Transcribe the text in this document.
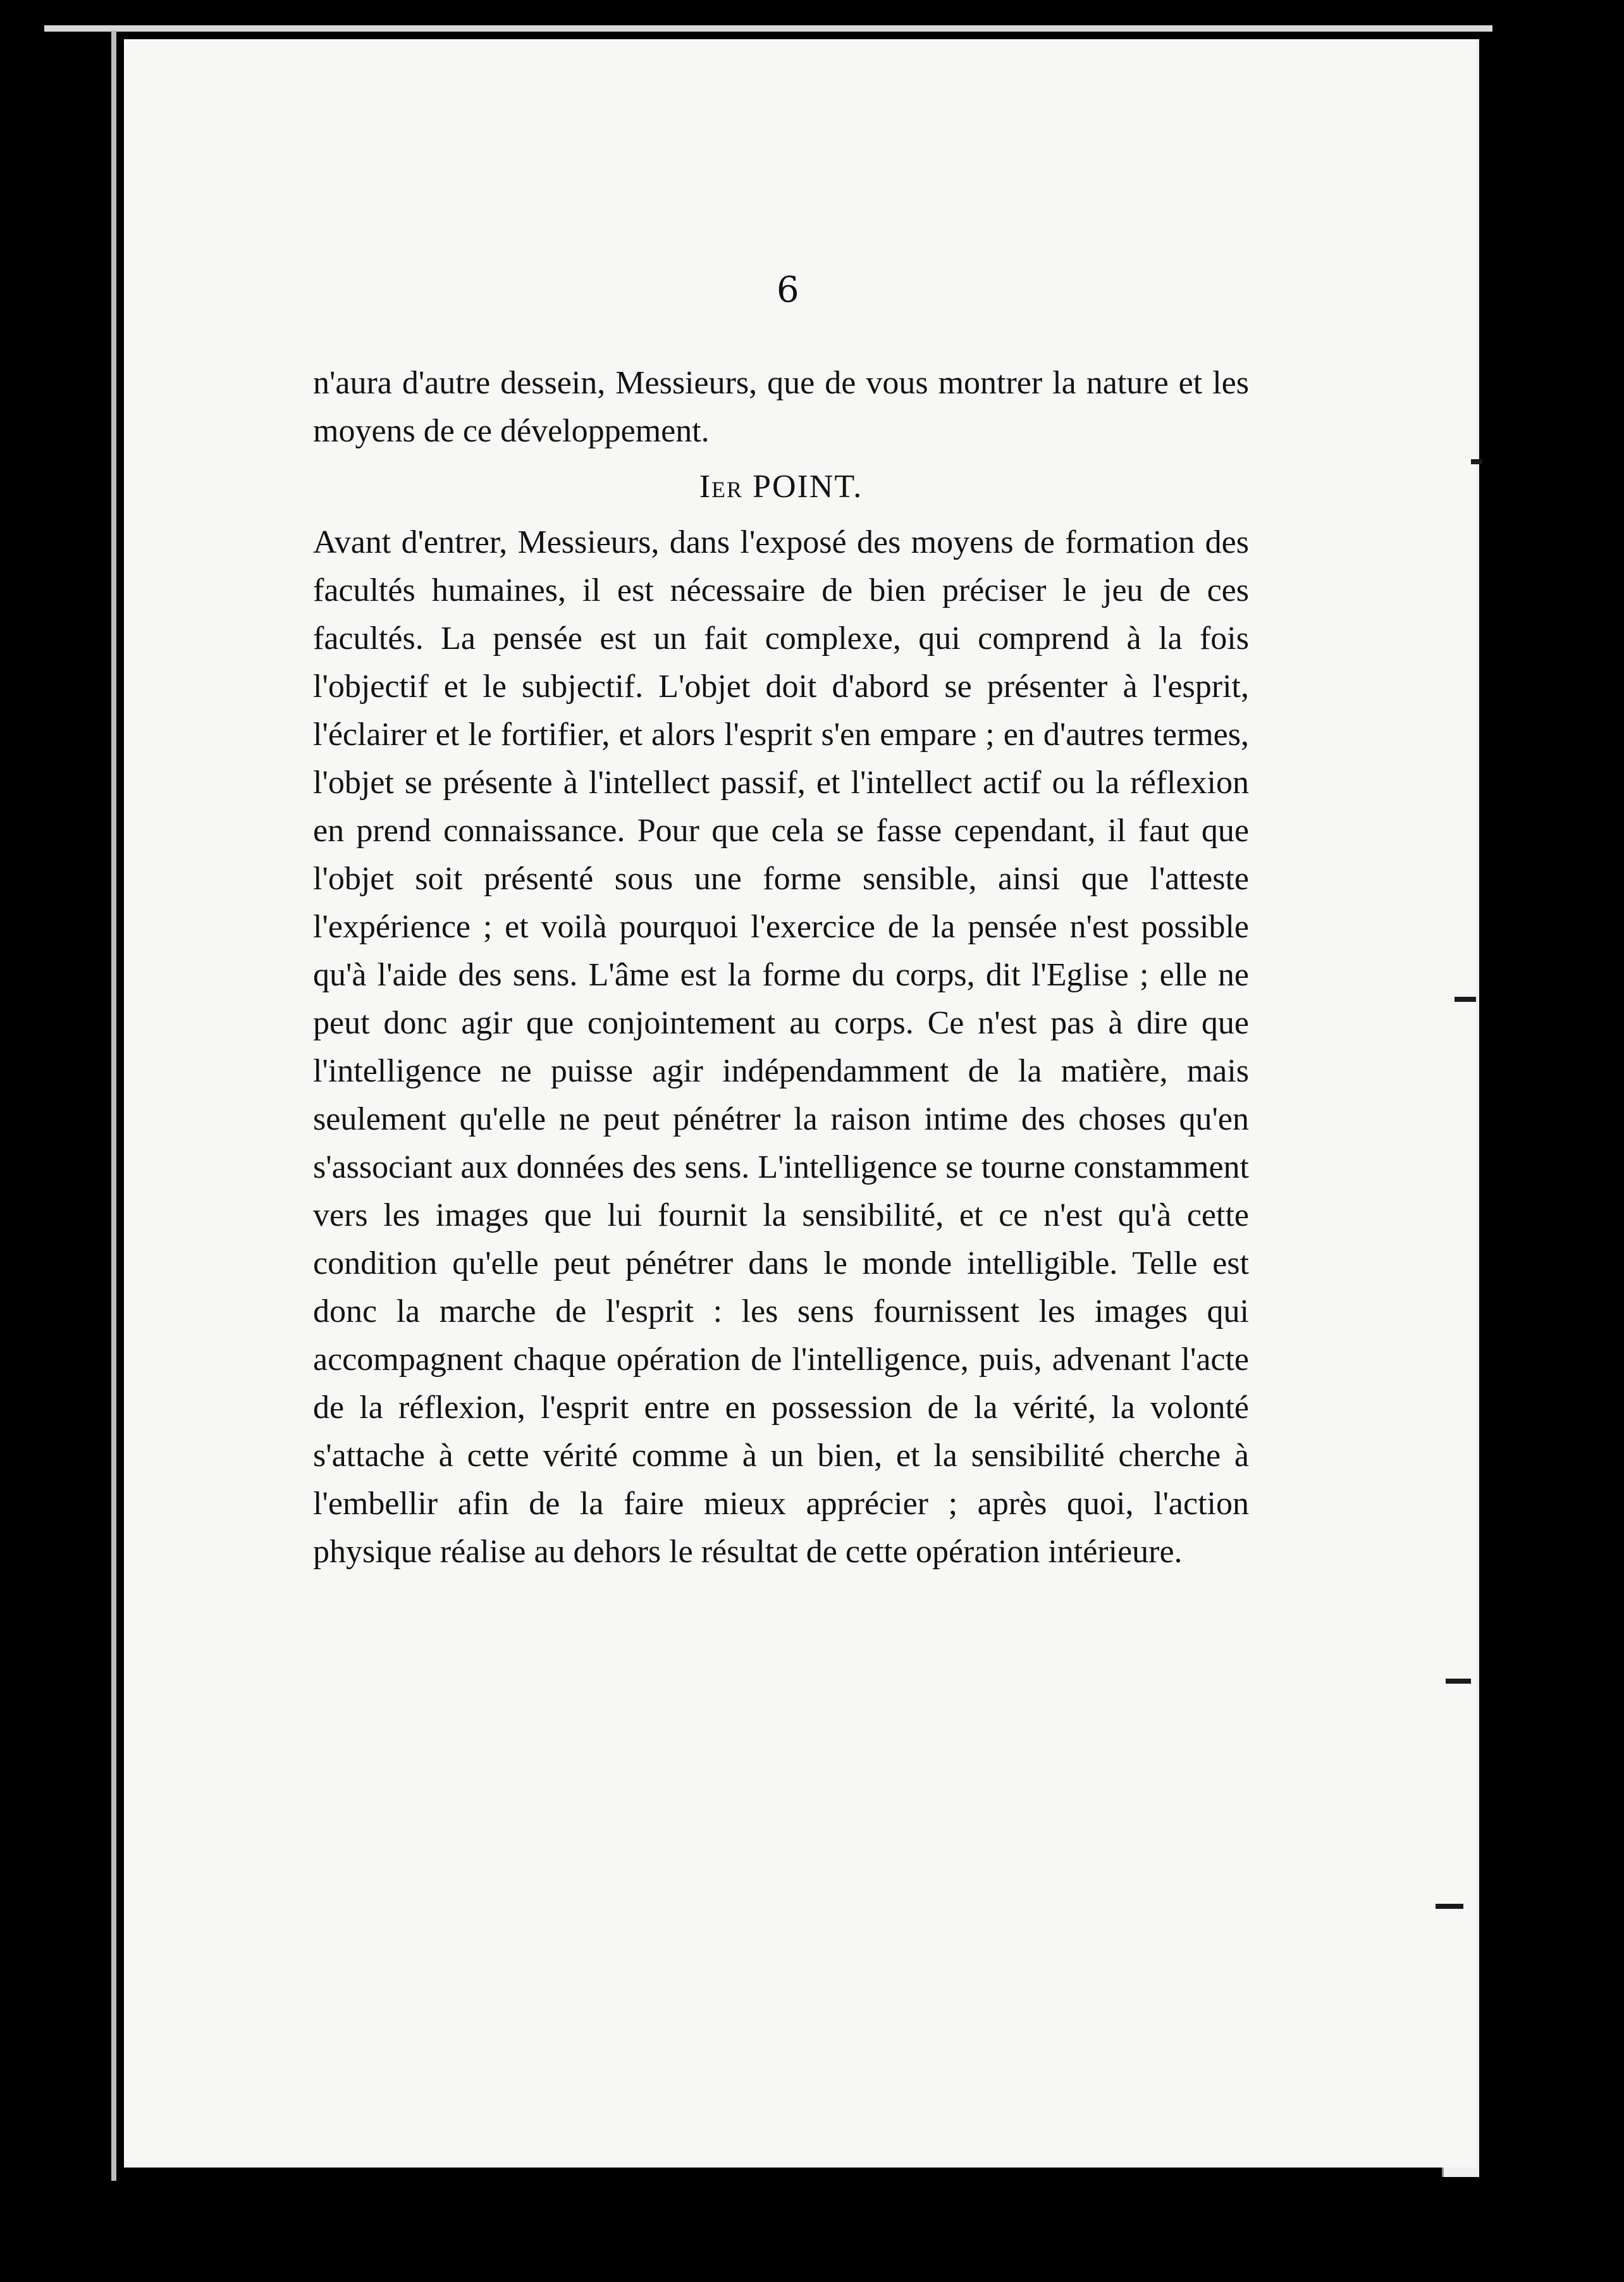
6

n'aura d'autre dessein, Messieurs, que de vous montrer la nature et les moyens de ce développement.

Ier POINT.

Avant d'entrer, Messieurs, dans l'exposé des moyens de formation des facultés humaines, il est nécessaire de bien préciser le jeu de ces facultés. La pensée est un fait complexe, qui comprend à la fois l'objectif et le subjectif. L'objet doit d'abord se présenter à l'esprit, l'éclairer et le fortifier, et alors l'esprit s'en empare ; en d'autres termes, l'objet se présente à l'intellect passif, et l'intellect actif ou la réflexion en prend connaissance. Pour que cela se fasse cependant, il faut que l'objet soit présenté sous une forme sensible, ainsi que l'atteste l'expérience ; et voilà pourquoi l'exercice de la pensée n'est possible qu'à l'aide des sens. L'âme est la forme du corps, dit l'Eglise ; elle ne peut donc agir que conjointement au corps. Ce n'est pas à dire que l'intelligence ne puisse agir indépendamment de la matière, mais seulement qu'elle ne peut pénétrer la raison intime des choses qu'en s'associant aux données des sens. L'intelligence se tourne constamment vers les images que lui fournit la sensibilité, et ce n'est qu'à cette condition qu'elle peut pénétrer dans le monde intelligible. Telle est donc la marche de l'esprit : les sens fournissent les images qui accompagnent chaque opération de l'intelligence, puis, advenant l'acte de la réflexion, l'esprit entre en possession de la vérité, la volonté s'attache à cette vérité comme à un bien, et la sensibilité cherche à l'embellir afin de la faire mieux apprécier ; après quoi, l'action physique réalise au dehors le résultat de cette opération intérieure.
